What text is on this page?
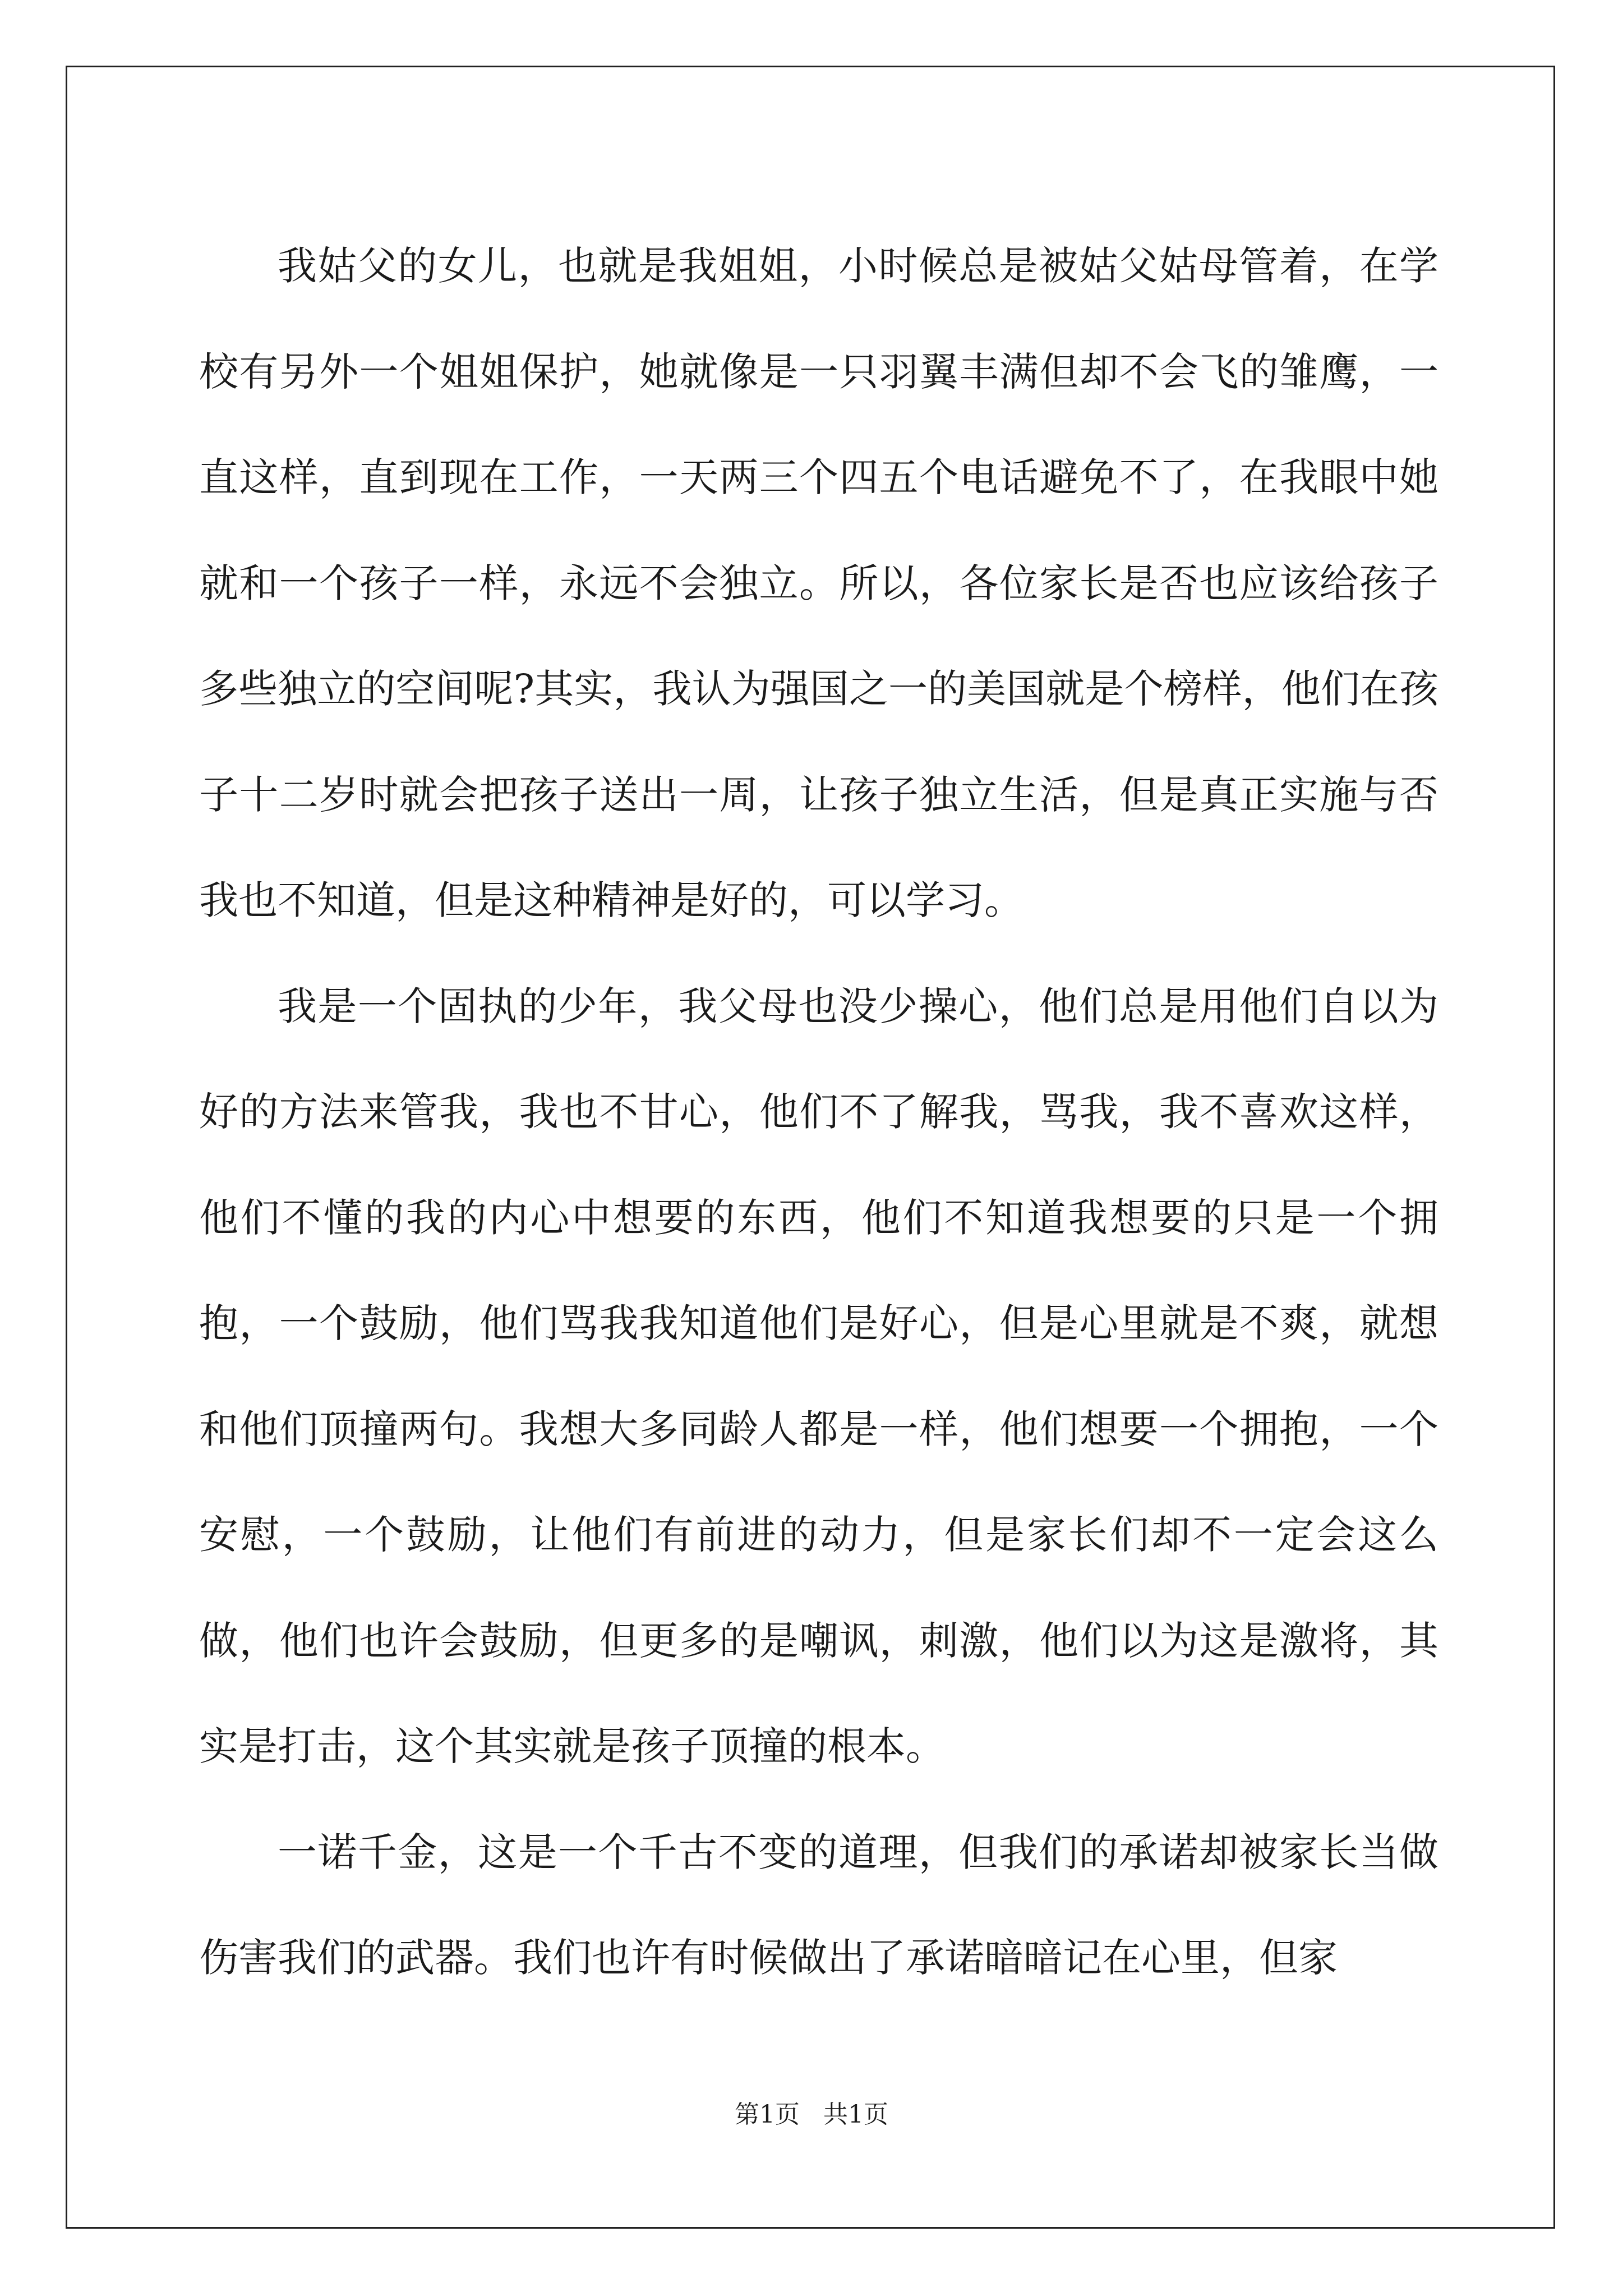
我姑父的女儿，也就是我姐姐，小时候总是被姑父姑母管着，在学校有另外一个姐姐保护，她就像是一只羽翼丰满但却不会飞的雏鹰，一直这样，直到现在工作，一天两三个四五个电话避免不了，在我眼中她就和一个孩子一样，永远不会独立。所以，各位家长是否也应该给孩子多些独立的空间呢?其实，我认为强国之一的美国就是个榜样，他们在孩子十二岁时就会把孩子送出一周，让孩子独立生活，但是真正实施与否我也不知道，但是这种精神是好的，可以学习。

我是一个固执的少年，我父母也没少操心，他们总是用他们自以为好的方法来管我，我也不甘心，他们不了解我，骂我，我不喜欢这样，他们不懂的我的内心中想要的东西，他们不知道我想要的只是一个拥抱，一个鼓励，他们骂我我知道他们是好心，但是心里就是不爽，就想和他们顶撞两句。我想大多同龄人都是一样，他们想要一个拥抱，一个安慰，一个鼓励，让他们有前进的动力，但是家长们却不一定会这么做，他们也许会鼓励，但更多的是嘲讽，刺激，他们以为这是激将，其实是打击，这个其实就是孩子顶撞的根本。

一诺千金，这是一个千古不变的道理，但我们的承诺却被家长当做伤害我们的武器。我们也许有时候做出了承诺暗暗记在心里，但家

第1页   共1页
